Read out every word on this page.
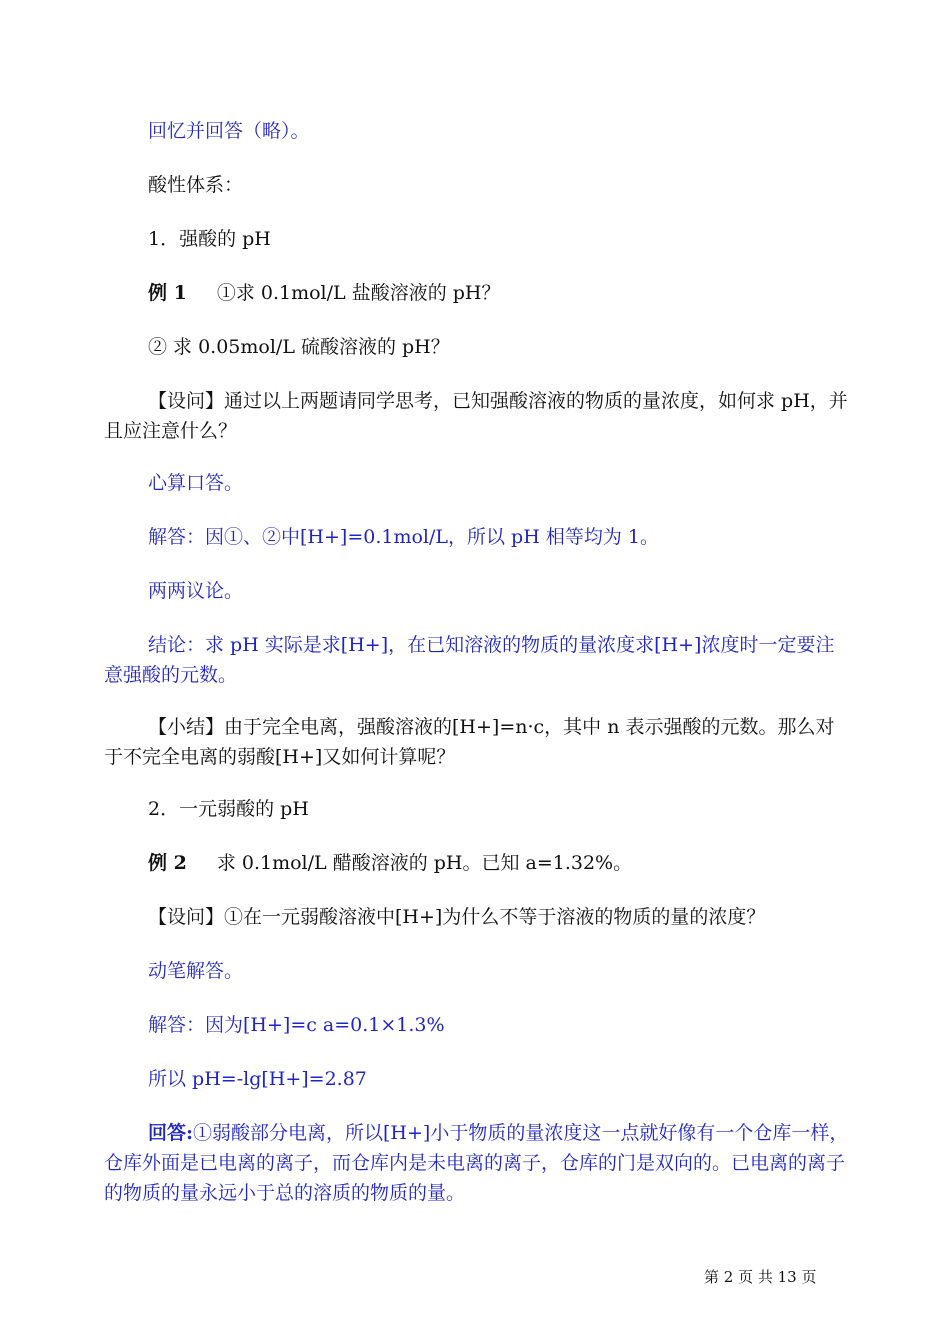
回忆并回答（略）。
酸性体系：
1．强酸的 pH
例 1 ①求 0.1mol/L 盐酸溶液的 pH？
② 求 0.05mol/L 硫酸溶液的 pH？
【设问】通过以上两题请同学思考，已知强酸溶液的物质的量浓度，如何求 pH，并且应注意什么？
心算口答。
解答：因①、②中[H+]=0.1mol/L，所以 pH 相等均为 1。
两两议论。
结论：求 pH 实际是求[H+]，在已知溶液的物质的量浓度求[H+]浓度时一定要注意强酸的元数。
【小结】由于完全电离，强酸溶液的[H+]=n·c，其中 n 表示强酸的元数。那么对于不完全电离的弱酸[H+]又如何计算呢？
2．一元弱酸的 pH
例 2 求 0.1mol/L 醋酸溶液的 pH。已知 a=1.32%。
【设问】①在一元弱酸溶液中[H+]为什么不等于溶液的物质的量的浓度？
动笔解答。
解答：因为[H+]=c a=0.1×1.3%
所以 pH=-lg[H+]=2.87
回答:①弱酸部分电离，所以[H+]小于物质的量浓度这一点就好像有一个仓库一样，仓库外面是已电离的离子，而仓库内是未电离的离子，仓库的门是双向的。已电离的离子的物质的量永远小于总的溶质的物质的量。
第 2 页 共 13 页
